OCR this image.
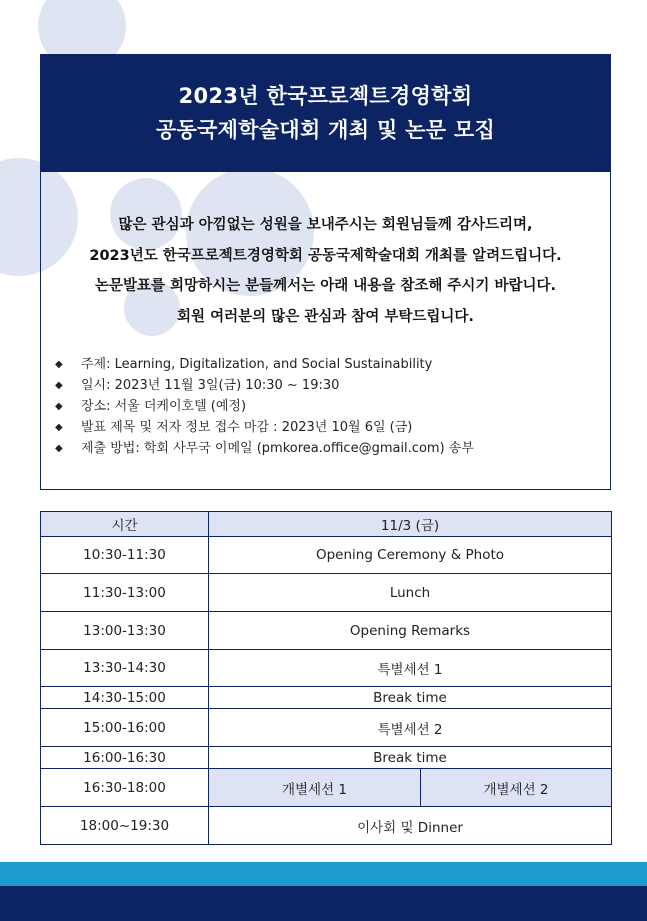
2023년 한국프로젝트경영학회
공동국제학술대회 개최 및 논문 모집
많은 관심과 아낌없는 성원을 보내주시는 회원님들께 감사드리며,
2023년도 한국프로젝트경영학회 공동국제학술대회 개최를 알려드립니다.
논문발표를 희망하시는 분들께서는 아래 내용을 참조해 주시기 바랍니다.
회원 여러분의 많은 관심과 참여 부탁드립니다.
◆	주제: Learning, Digitalization, and Social Sustainability
◆	일시: 2023년 11월 3일(금) 10:30 ~ 19:30
◆	장소: 서울 더케이호텔 (예정)
◆	발표 제목 및 저자 정보 접수 마감 : 2023년 10월 6일 (금)
◆	제출 방법: 학회 사무국 이메일 (pmkorea.office@gmail.com) 송부
시간	11/3 (금)	
10:30-11:30	Opening Ceremony & Photo	
11:30-13:00	Lunch	
13:00-13:30	Opening Remarks	
13:30-14:30	특별세션 1	
14:30-15:00	Break time	
15:00-16:00	특별세션 2	
16:00-16:30	Break time	
16:30-18:00	개별세션 1	개별세션 2
18:00~19:30	이사회 및 Dinner	
